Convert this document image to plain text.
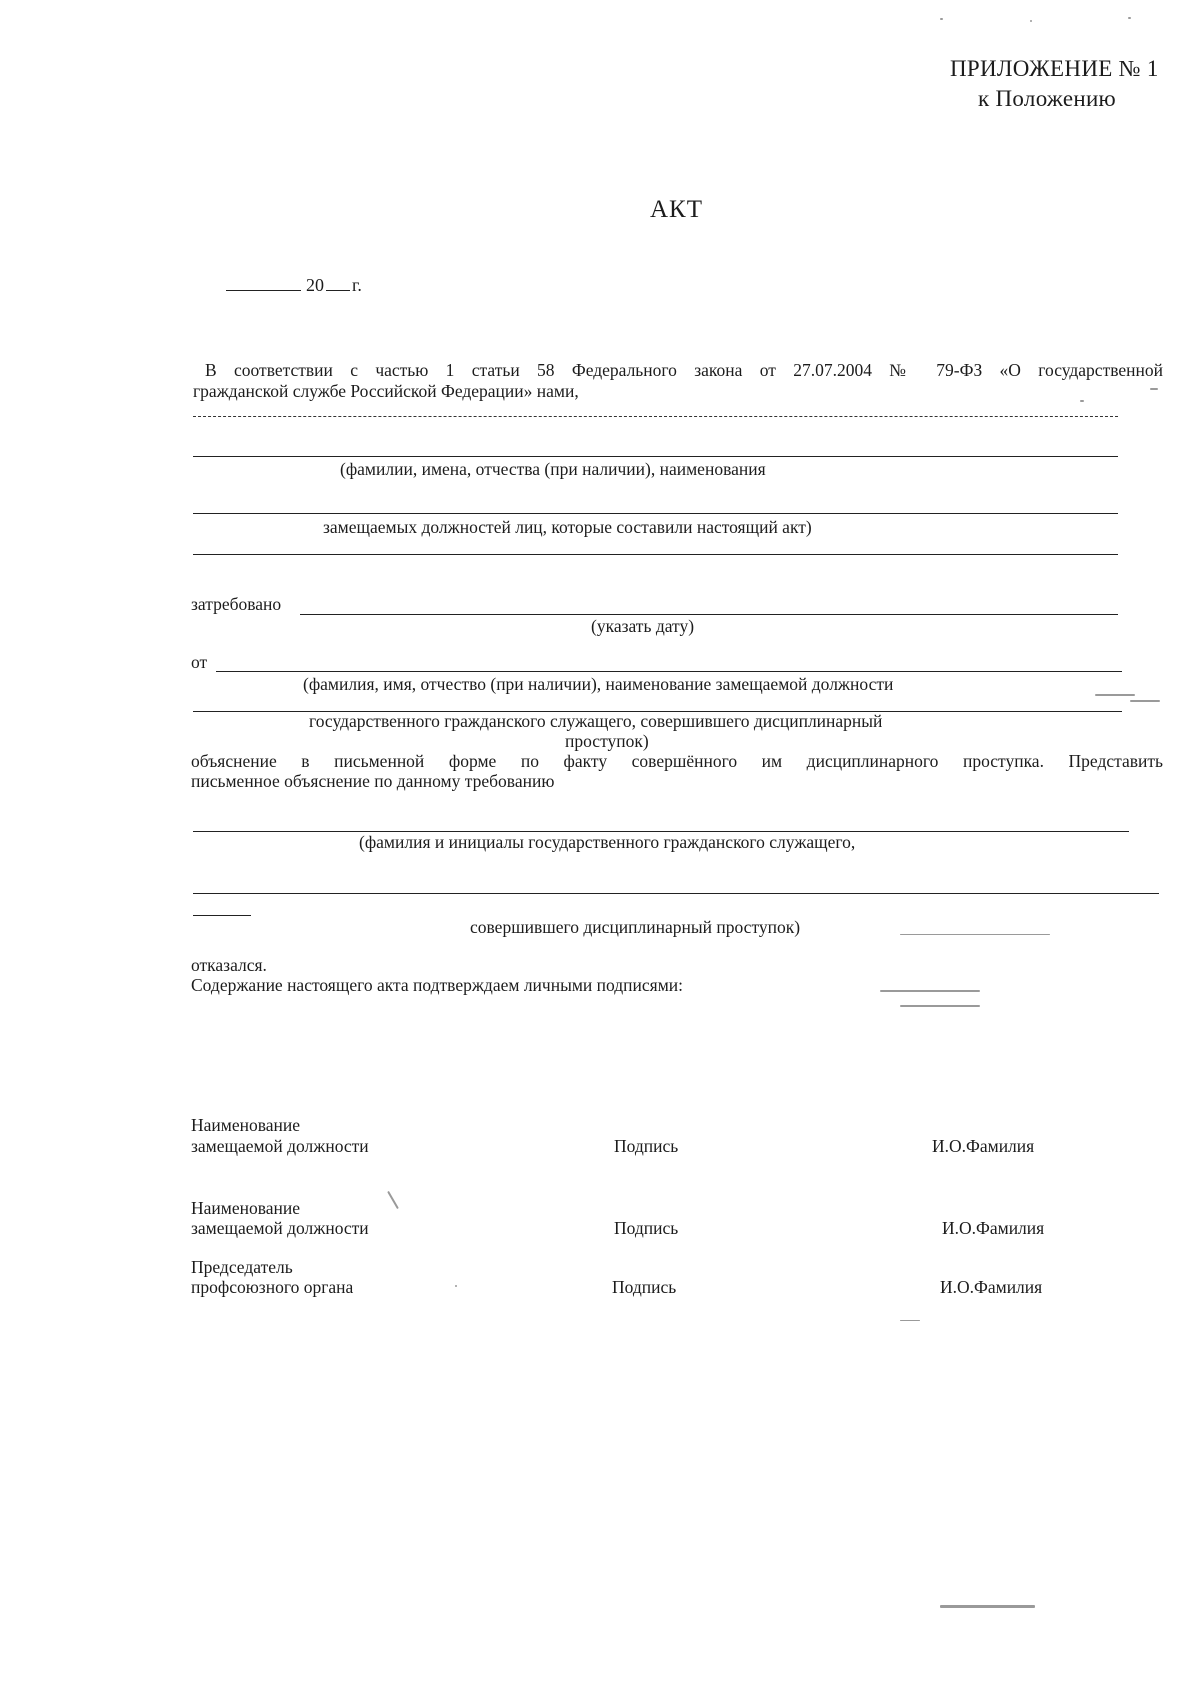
ПРИЛОЖЕНИЕ № 1
к Положению
АКТ
20 г.
В соответствии с частью 1 статьи 58 Федерального закона от 27.07.2004 № 79-ФЗ «О государственной
гражданской службе Российской Федерации» нами,
(фамилии, имена, отчества (при наличии), наименования
замещаемых должностей лиц, которые составили настоящий акт)
затребовано
(указать дату)
от
(фамилия, имя, отчество (при наличии), наименование замещаемой должности
государственного гражданского служащего, совершившего дисциплинарный
проступок)
объяснение в письменной форме по факту совершённого им дисциплинарного проступка. Представить
письменное объяснение по данному требованию
(фамилия и инициалы государственного гражданского служащего,
совершившего дисциплинарный проступок)
отказался.
Содержание настоящего акта подтверждаем личными подписями:
Наименование
замещаемой должности	Подпись	И.О.Фамилия
Наименование
замещаемой должности	Подпись	И.О.Фамилия
Председатель
профсоюзного органа	Подпись	И.О.Фамилия
